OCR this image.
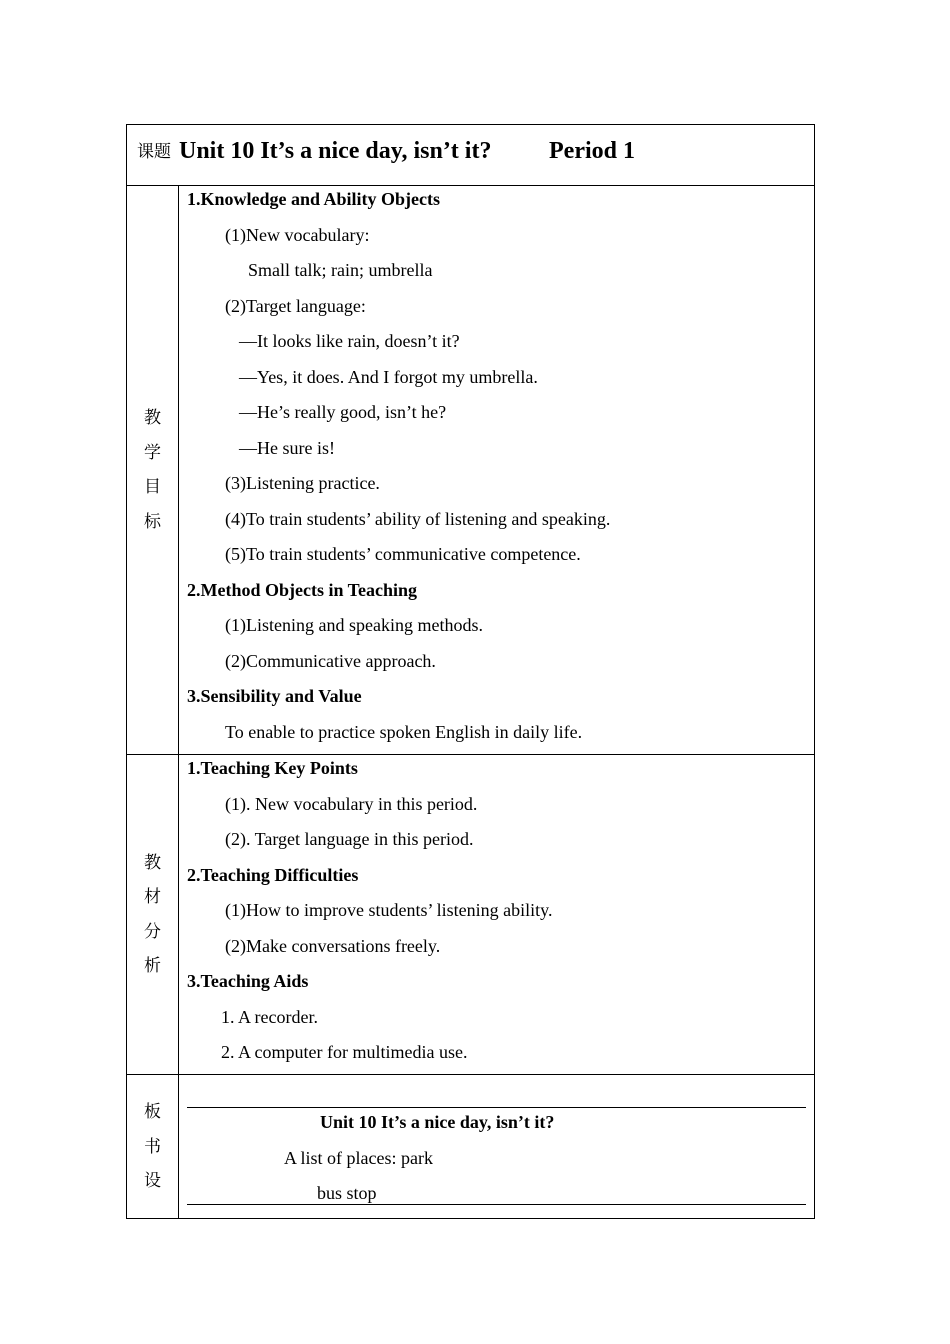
课题 Unit 10 It’s a nice day, isn’t it? Period 1
教
学
目
标
1.Knowledge and Ability Objects
(1)New vocabulary:
Small talk; rain; umbrella
(2)Target language:
—It looks like rain, doesn’t it?
—Yes, it does. And I forgot my umbrella.
—He’s really good, isn’t he?
—He sure is!
(3)Listening practice.
(4)To train students’ ability of listening and speaking.
(5)To train students’ communicative competence.
2.Method Objects in Teaching
(1)Listening and speaking methods.
(2)Communicative approach.
3.Sensibility and Value
To enable to practice spoken English in daily life.
教
材
分
析
1.Teaching Key Points
(1). New vocabulary in this period.
(2). Target language in this period.
2.Teaching Difficulties
(1)How to improve students’ listening ability.
(2)Make conversations freely.
3.Teaching Aids
1. A recorder.
2. A computer for multimedia use.
板
书
设
Unit 10 It’s a nice day, isn’t it?
A list of places: park
bus stop
